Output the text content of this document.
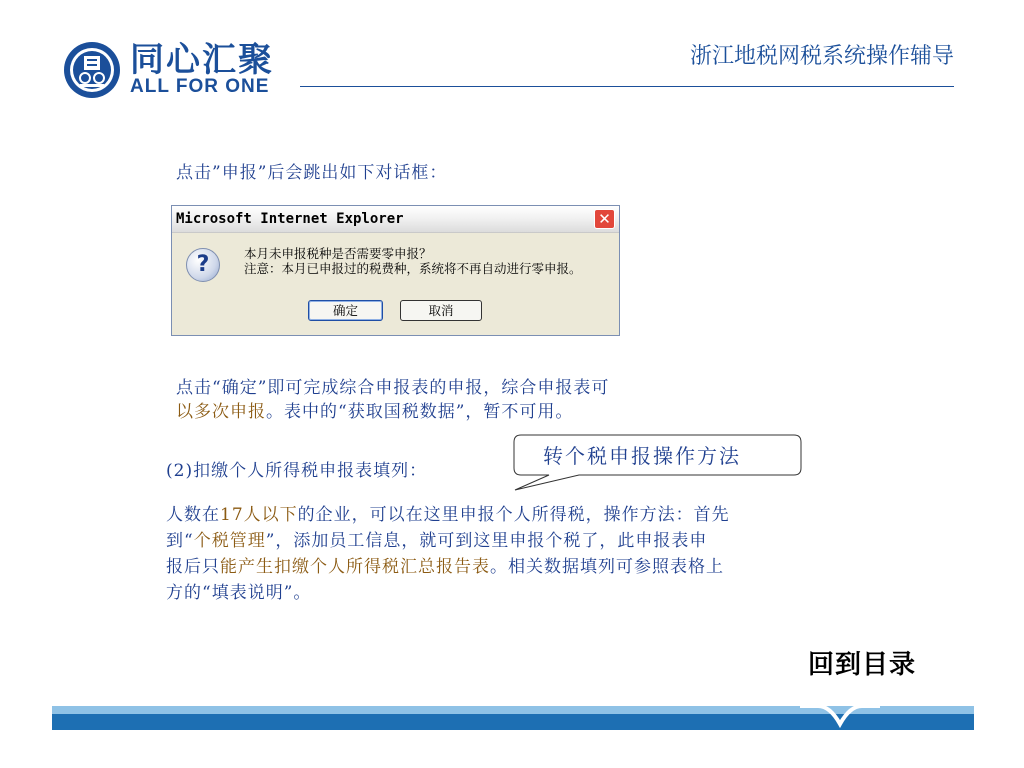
同心汇聚
ALL FOR ONE
浙江地税网税系统操作辅导
点击”申报”后会跳出如下对话框：
Microsoft Internet Explorer	✕
?	本月未申报税种是否需要零申报？
注意：本月已申报过的税费种，系统将不再自动进行零申报。
确定	取消
点击“确定”即可完成综合申报表的申报，综合申报表可
以多次申报。表中的“获取国税数据”，暂不可用。
转个税申报操作方法
(2)扣缴个人所得税申报表填列：
人数在17人以下的企业，可以在这里申报个人所得税，操作方法：首先
到“个税管理”，添加员工信息，就可到这里申报个税了，此申报表申
报后只能产生扣缴个人所得税汇总报告表。相关数据填列可参照表格上
方的“填表说明”。
回到目录
